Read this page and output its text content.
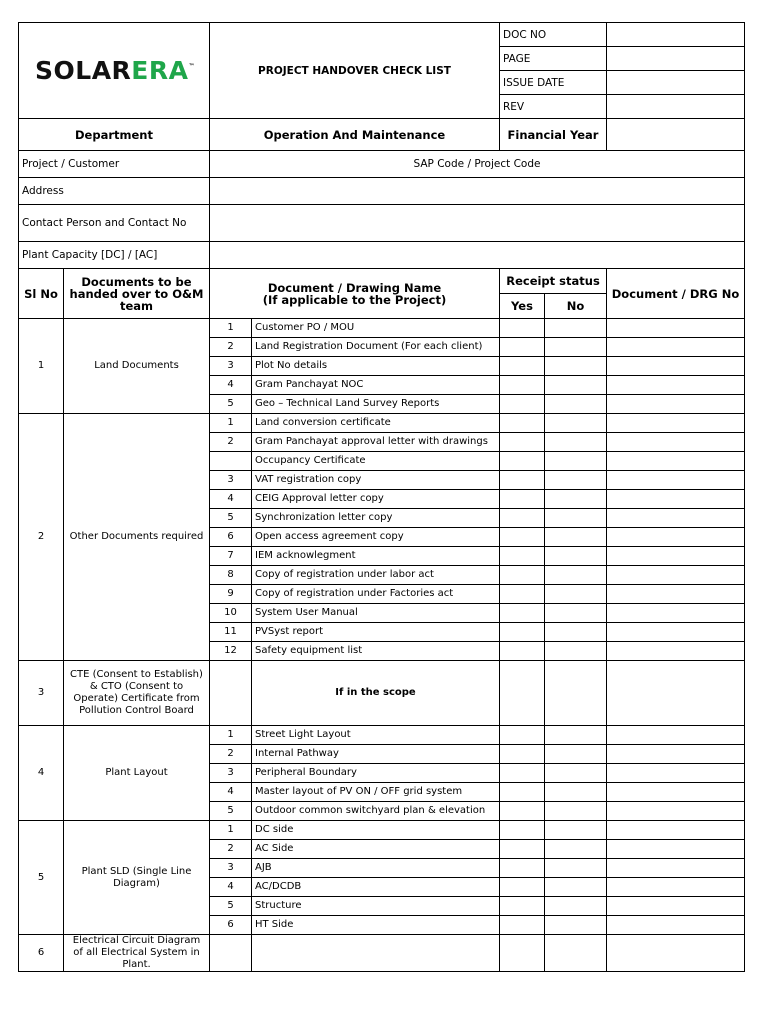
SOLARERA™	PROJECT HANDOVER CHECK LIST	DOC NO	
		PAGE	
		ISSUE DATE	
		REV	
Department	Operation And Maintenance	Financial Year	
Project / Customer	SAP Code / Project Code
Address	
Contact Person and Contact No	
Plant Capacity [DC] / [AC]	
Sl No	Documents to be handed over to O&M team	Document / Drawing Name
(If applicable to the Project)		Receipt status		Document / DRG No
				Yes	No	
1	Land Documents	1	Customer PO / MOU			
		2	Land Registration Document (For each client)			
		3	Plot No details			
		4	Gram Panchayat NOC			
		5	Geo – Technical Land Survey Reports			
2	Other Documents required	1	Land conversion certificate			
		2	Gram Panchayat approval letter with drawings			
			Occupancy Certificate			
		3	VAT registration copy			
		4	CEIG Approval letter copy			
		5	Synchronization letter copy			
		6	Open access agreement copy			
		7	IEM acknowlegment			
		8	Copy of registration under labor act			
		9	Copy of registration under Factories act			
		10	System User Manual			
		11	PVSyst report			
		12	Safety equipment list			
3	CTE (Consent to Establish) & CTO (Consent to Operate) Certificate from Pollution Control Board		If in the scope			
4	Plant Layout	1	Street Light Layout			
		2	Internal Pathway			
		3	Peripheral Boundary			
		4	Master layout of PV ON / OFF grid system			
		5	Outdoor common switchyard plan & elevation			
5	Plant SLD (Single Line Diagram)	1	DC side			
		2	AC Side			
		3	AJB			
		4	AC/DCDB			
		5	Structure			
		6	HT Side			
6	Electrical Circuit Diagram of all Electrical System in Plant.					
